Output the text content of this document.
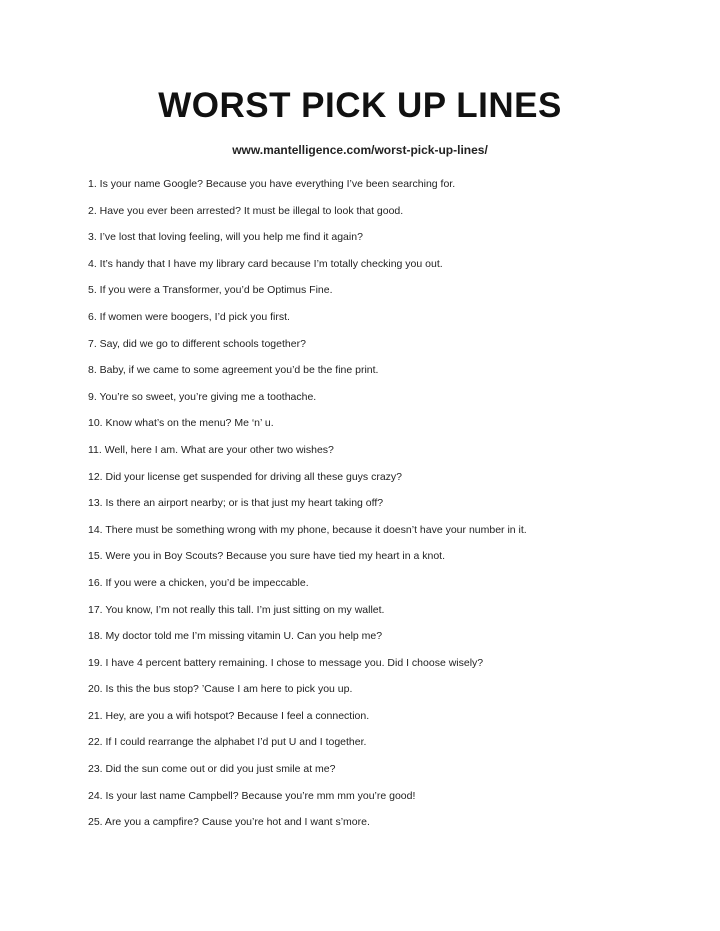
WORST PICK UP LINES
www.mantelligence.com/worst-pick-up-lines/
1. Is your name Google? Because you have everything I’ve been searching for.
2. Have you ever been arrested? It must be illegal to look that good.
3. I’ve lost that loving feeling, will you help me find it again?
4. It’s handy that I have my library card because I’m totally checking you out.
5. If you were a Transformer, you’d be Optimus Fine.
6. If women were boogers, I’d pick you first.
7. Say, did we go to different schools together?
8. Baby, if we came to some agreement you’d be the fine print.
9. You’re so sweet, you’re giving me a toothache.
10. Know what’s on the menu? Me ‘n’ u.
11. Well, here I am. What are your other two wishes?
12. Did your license get suspended for driving all these guys crazy?
13. Is there an airport nearby; or is that just my heart taking off?
14. There must be something wrong with my phone, because it doesn’t have your number in it.
15. Were you in Boy Scouts? Because you sure have tied my heart in a knot.
16. If you were a chicken, you’d be impeccable.
17. You know, I’m not really this tall. I’m just sitting on my wallet.
18. My doctor told me I’m missing vitamin U. Can you help me?
19. I have 4 percent battery remaining. I chose to message you. Did I choose wisely?
20. Is this the bus stop? ’Cause I am here to pick you up.
21. Hey, are you a wifi hotspot? Because I feel a connection.
22. If I could rearrange the alphabet I’d put U and I together.
23. Did the sun come out or did you just smile at me?
24. Is your last name Campbell? Because you’re mm mm you’re good!
25. Are you a campfire? Cause you’re hot and I want s’more.
